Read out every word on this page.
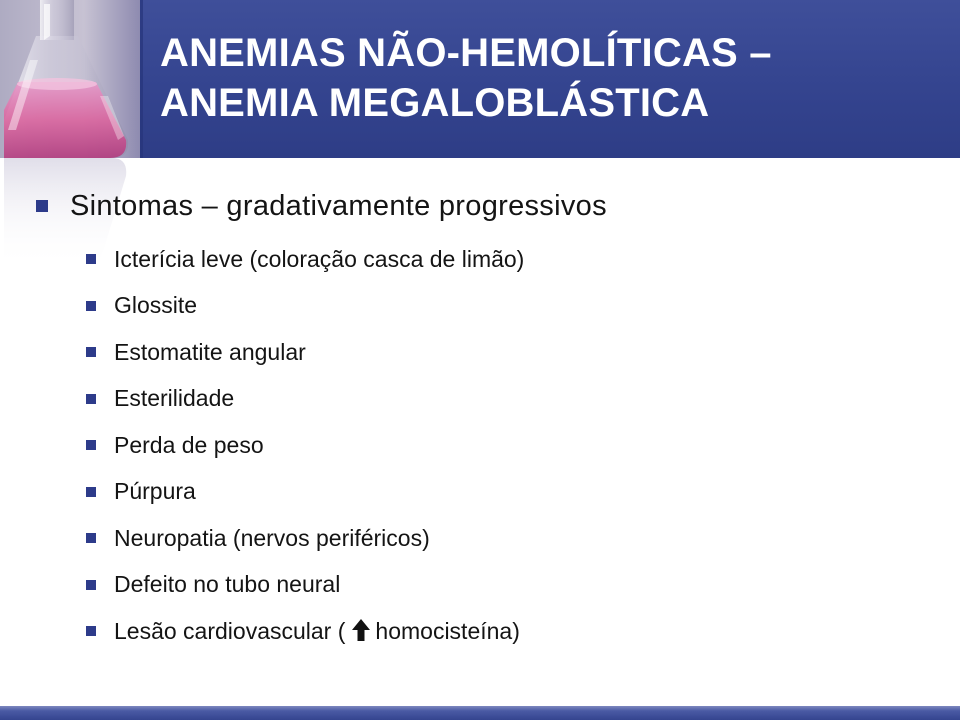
ANEMIAS NÃO-HEMOLÍTICAS –
ANEMIA MEGALOBLÁSTICA
Sintomas – gradativamente progressivos
Icterícia leve (coloração casca de limão)
Glossite
Estomatite angular
Esterilidade
Perda de peso
Púrpura
Neuropatia (nervos periféricos)
Defeito no tubo neural
Lesão cardiovascular ( homocisteína)
